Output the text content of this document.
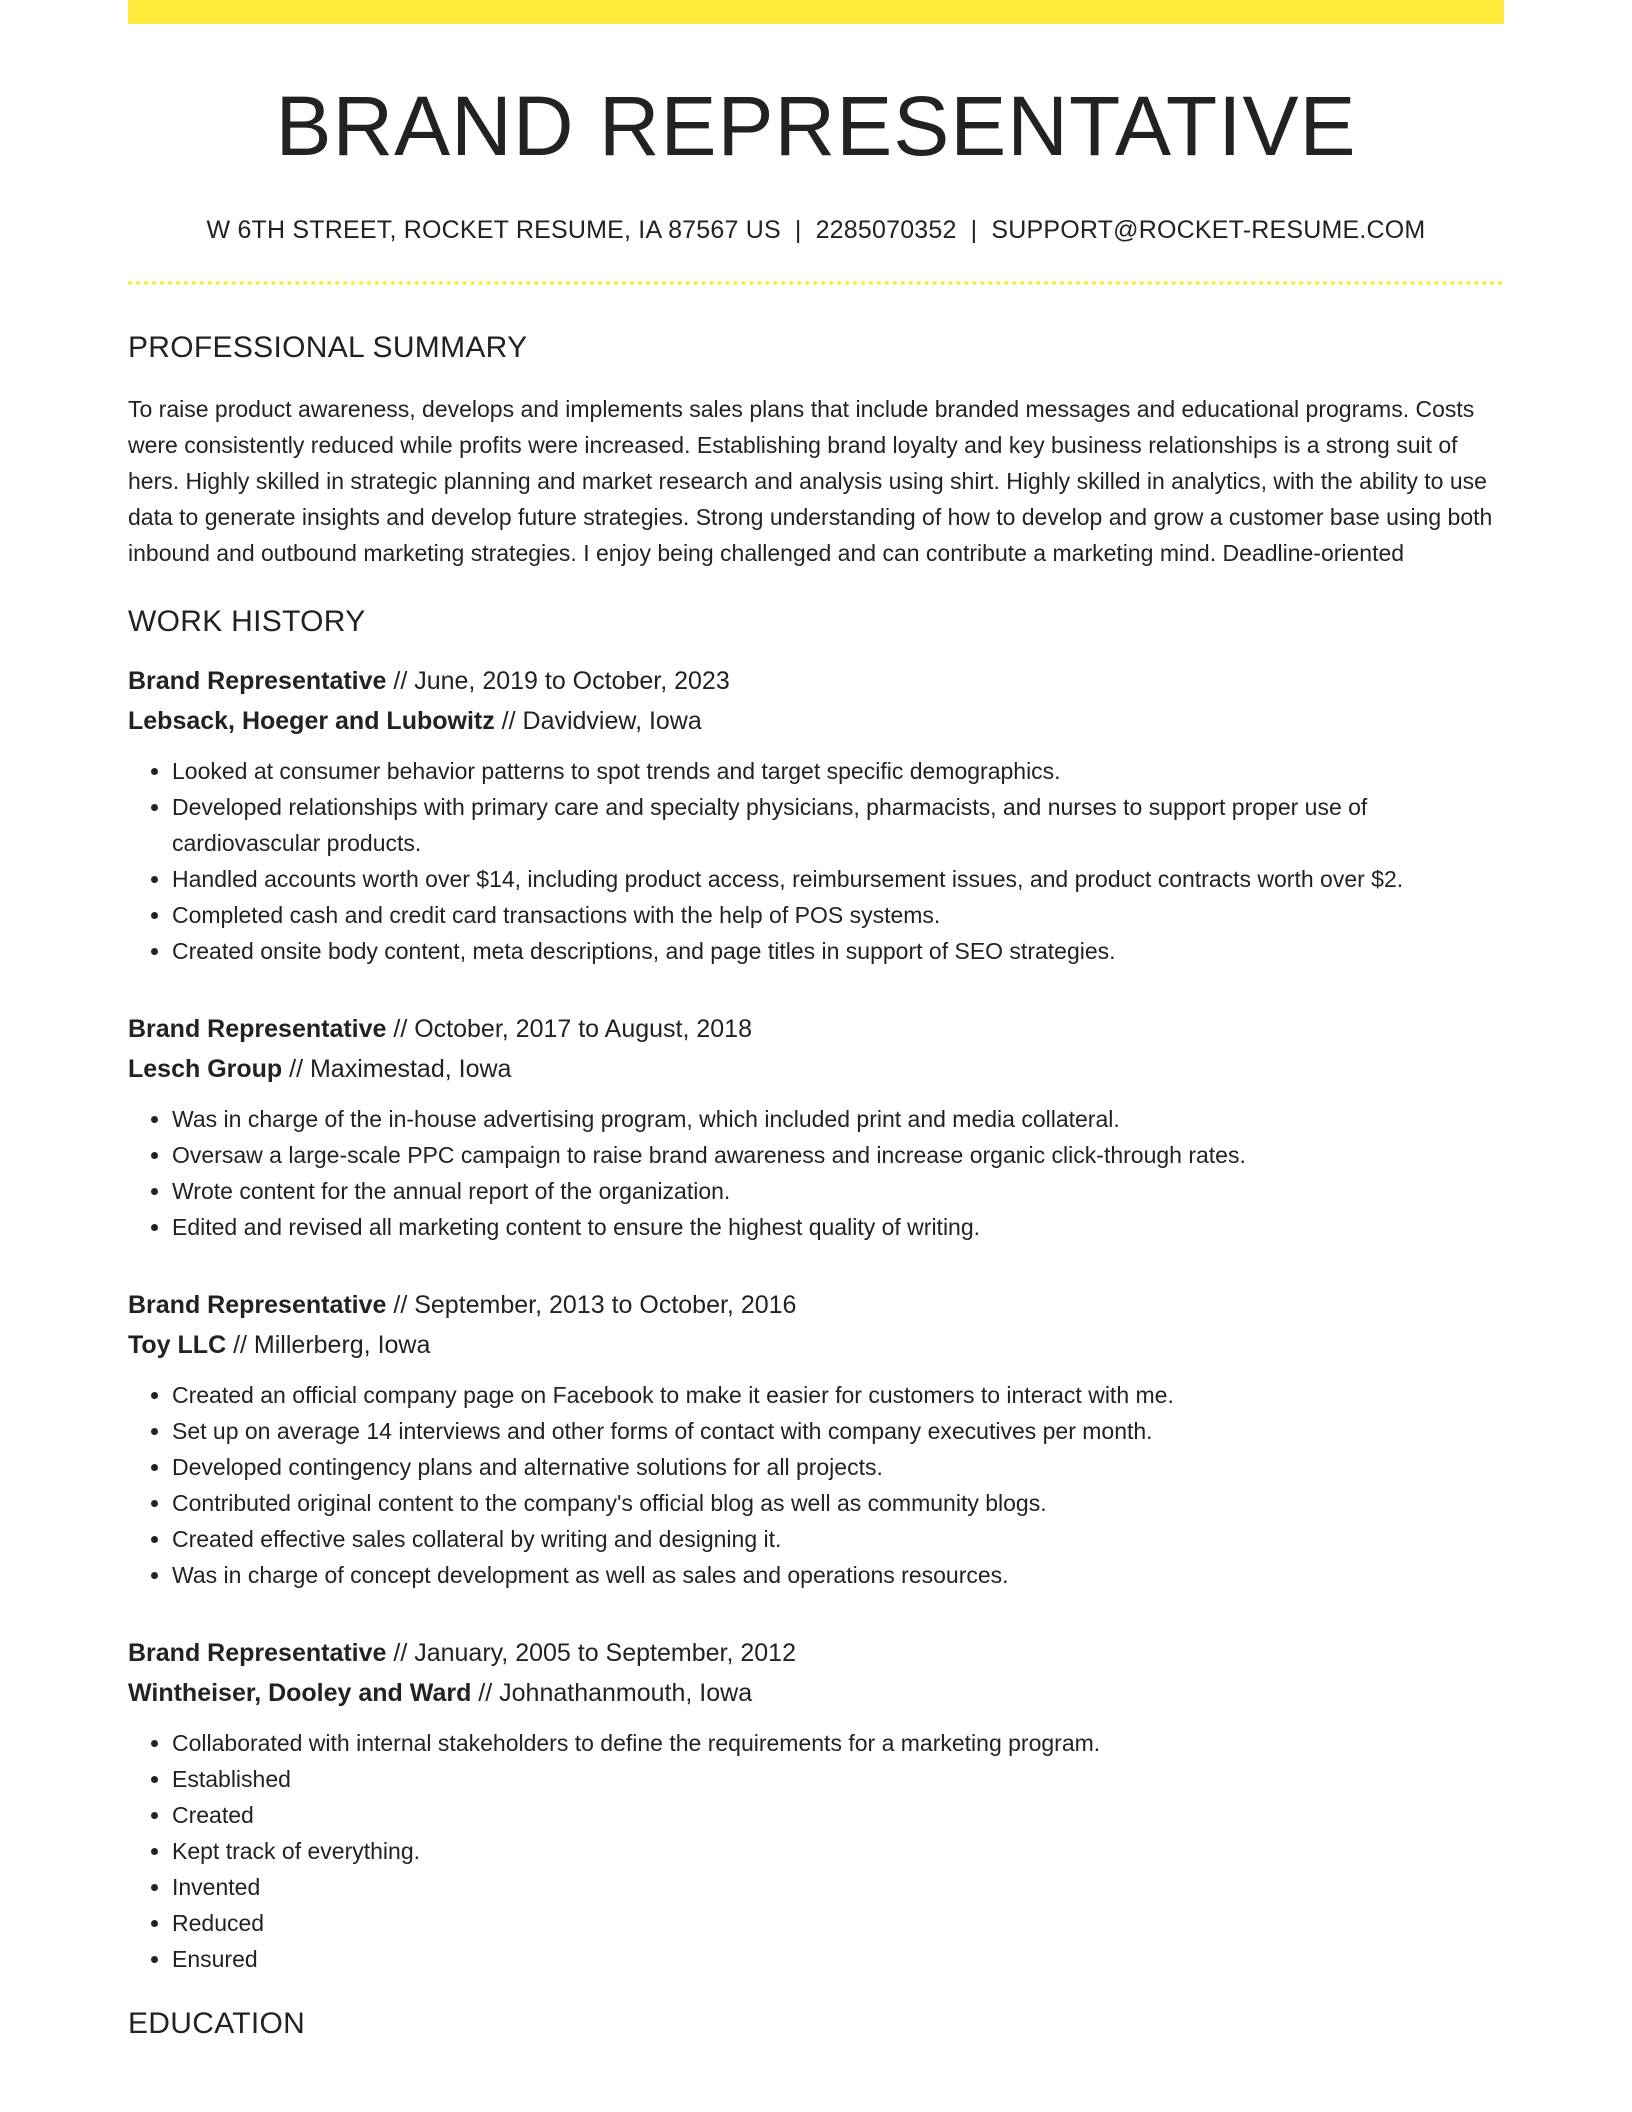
BRAND REPRESENTATIVE
W 6TH STREET, ROCKET RESUME, IA 87567 US | 2285070352 | SUPPORT@ROCKET-RESUME.COM
PROFESSIONAL SUMMARY

To raise product awareness, develops and implements sales plans that include branded messages and educational programs. Costs were consistently reduced while profits were increased. Establishing brand loyalty and key business relationships is a strong suit of hers. Highly skilled in strategic planning and market research and analysis using shirt. Highly skilled in analytics, with the ability to use data to generate insights and develop future strategies. Strong understanding of how to develop and grow a customer base using both inbound and outbound marketing strategies. I enjoy being challenged and can contribute a marketing mind. Deadline-oriented

WORK HISTORY
Brand Representative // June, 2019 to October, 2023
Lebsack, Hoeger and Lubowitz // Davidview, Iowa
• Looked at consumer behavior patterns to spot trends and target specific demographics.
• Developed relationships with primary care and specialty physicians, pharmacists, and nurses to support proper use of cardiovascular products.
• Handled accounts worth over $14, including product access, reimbursement issues, and product contracts worth over $2.
• Completed cash and credit card transactions with the help of POS systems.
• Created onsite body content, meta descriptions, and page titles in support of SEO strategies.
Brand Representative // October, 2017 to August, 2018
Lesch Group // Maximestad, Iowa
• Was in charge of the in-house advertising program, which included print and media collateral.
• Oversaw a large-scale PPC campaign to raise brand awareness and increase organic click-through rates.
• Wrote content for the annual report of the organization.
• Edited and revised all marketing content to ensure the highest quality of writing.
Brand Representative // September, 2013 to October, 2016
Toy LLC // Millerberg, Iowa
• Created an official company page on Facebook to make it easier for customers to interact with me.
• Set up on average 14 interviews and other forms of contact with company executives per month.
• Developed contingency plans and alternative solutions for all projects.
• Contributed original content to the company's official blog as well as community blogs.
• Created effective sales collateral by writing and designing it.
• Was in charge of concept development as well as sales and operations resources.
Brand Representative // January, 2005 to September, 2012
Wintheiser, Dooley and Ward // Johnathanmouth, Iowa
• Collaborated with internal stakeholders to define the requirements for a marketing program.
• Established
• Created
• Kept track of everything.
• Invented
• Reduced
• Ensured
EDUCATION
